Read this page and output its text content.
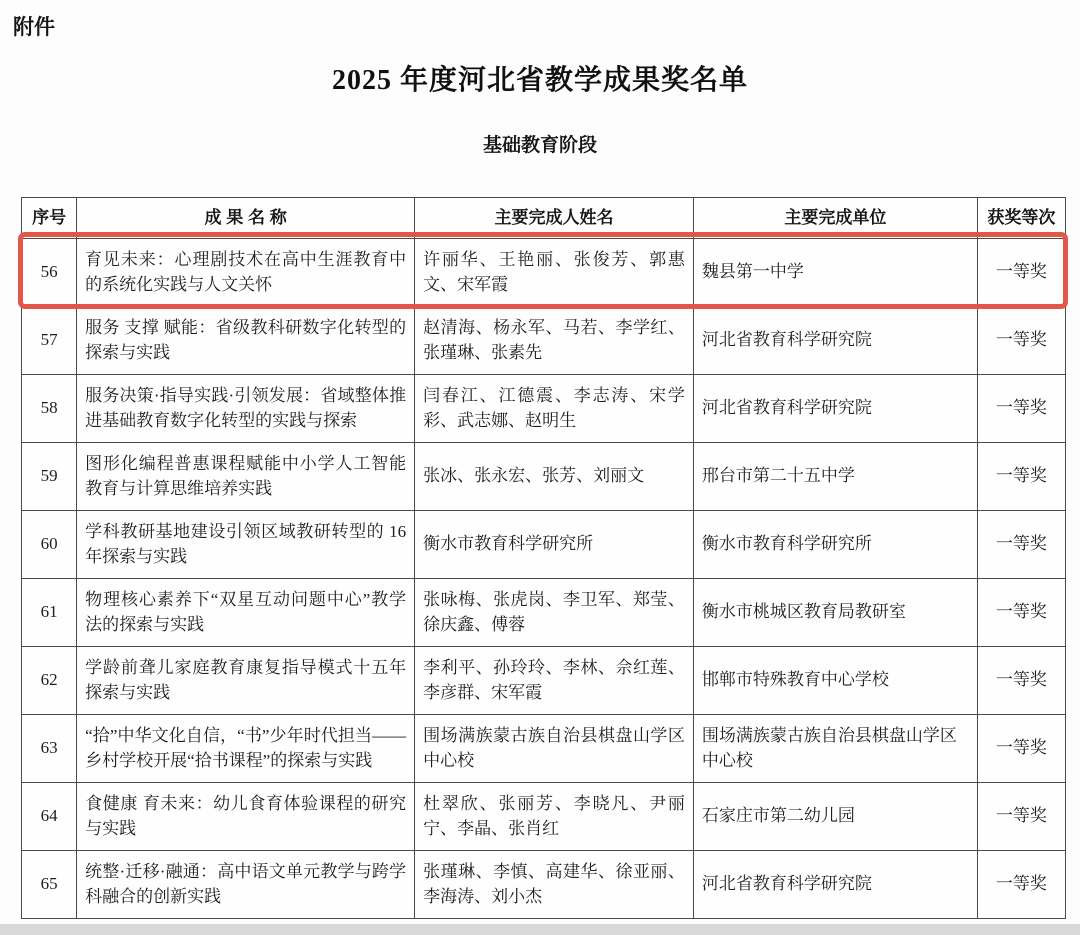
附件
2025 年度河北省教学成果奖名单
基础教育阶段
序号	成 果 名 称	主要完成人姓名	主要完成单位	获奖等次
56	育见未来：心理剧技术在高中生涯教育中的系统化实践与人文关怀	许丽华、王艳丽、张俊芳、郭惠文、宋军霞	魏县第一中学	一等奖
57	服务 支撑 赋能：省级教科研数字化转型的探索与实践	赵清海、杨永军、马若、李学红、张瑾琳、张素先	河北省教育科学研究院	一等奖
58	服务决策·指导实践·引领发展：省域整体推进基础教育数字化转型的实践与探索	闫春江、江德震、李志涛、宋学彩、武志娜、赵明生	河北省教育科学研究院	一等奖
59	图形化编程普惠课程赋能中小学人工智能教育与计算思维培养实践	张冰、张永宏、张芳、刘丽文	邢台市第二十五中学	一等奖
60	学科教研基地建设引领区域教研转型的 16 年探索与实践	衡水市教育科学研究所	衡水市教育科学研究所	一等奖
61	物理核心素养下“双星互动问题中心”教学法的探索与实践	张咏梅、张虎岗、李卫军、郑莹、徐庆鑫、傅蓉	衡水市桃城区教育局教研室	一等奖
62	学龄前聋儿家庭教育康复指导模式十五年探索与实践	李利平、孙玲玲、李林、佘红莲、李彦群、宋军霞	邯郸市特殊教育中心学校	一等奖
63	“拾”中华文化自信，“书”少年时代担当——乡村学校开展“拾书课程”的探索与实践	围场满族蒙古族自治县棋盘山学区中心校	围场满族蒙古族自治县棋盘山学区中心校	一等奖
64	食健康 育未来：幼儿食育体验课程的研究与实践	杜翠欣、张丽芳、李晓凡、尹丽宁、李晶、张肖红	石家庄市第二幼儿园	一等奖
65	统整·迁移·融通：高中语文单元教学与跨学科融合的创新实践	张瑾琳、李慎、高建华、徐亚丽、李海涛、刘小杰	河北省教育科学研究院	一等奖
